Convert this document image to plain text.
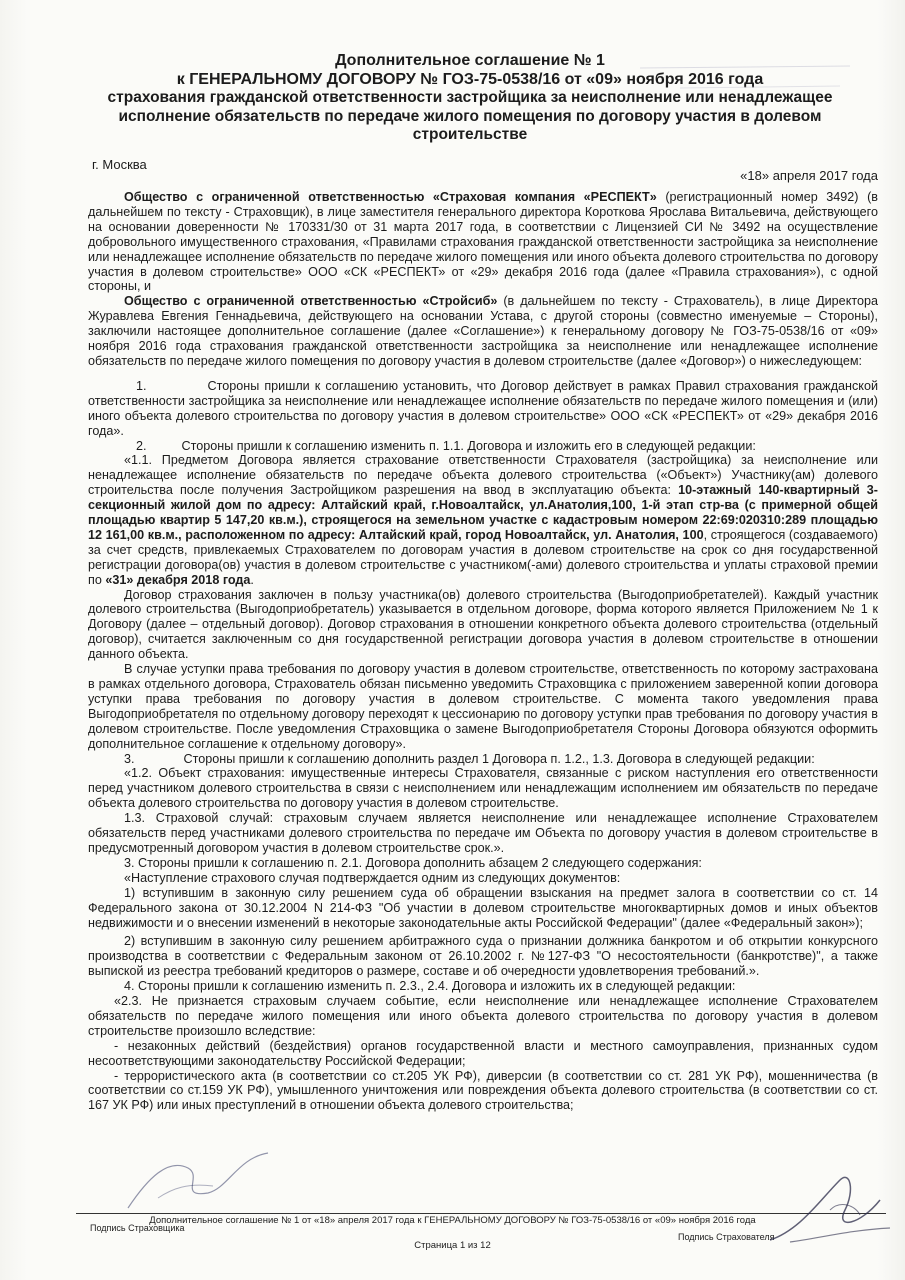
Дополнительное соглашение № 1
к ГЕНЕРАЛЬНОМУ ДОГОВОРУ № ГОЗ-75-0538/16 от «09» ноября 2016 года
страхования гражданской ответственности застройщика за неисполнение или ненадлежащее
исполнение обязательств по передаче жилого помещения по договору участия в долевом
строительстве
г. Москва
«18» апреля 2017 года

Общество с ограниченной ответственностью «Страховая компания «РЕСПЕКТ» (регистрационный номер 3492) (в дальнейшем по тексту - Страховщик), в лице заместителя генерального директора Короткова Ярослава Витальевича, действующего на основании доверенности № 170331/30 от 31 марта 2017 года, в соответствии с Лицензией СИ № 3492 на осуществление добровольного имущественного страхования, «Правилами страхования гражданской ответственности застройщика за неисполнение или ненадлежащее исполнение обязательств по передаче жилого помещения или иного объекта долевого строительства по договору участия в долевом строительстве» ООО «СК «РЕСПЕКТ» от «29» декабря 2016 года (далее «Правила страхования»), с одной стороны, и

Общество с ограниченной ответственностью «Стройсиб» (в дальнейшем по тексту - Страхователь), в лице Директора Журавлева Евгения Геннадьевича, действующего на основании Устава, с другой стороны (совместно именуемые – Стороны), заключили настоящее дополнительное соглашение (далее «Соглашение») к генеральному договору № ГОЗ-75-0538/16 от «09» ноября 2016 года страхования гражданской ответственности застройщика за неисполнение или ненадлежащее исполнение обязательств по передаче жилого помещения по договору участия в долевом строительстве (далее «Договор») о нижеследующем:

1.	Стороны пришли к соглашению установить, что Договор действует в рамках Правил страхования гражданской ответственности застройщика за неисполнение или ненадлежащее исполнение обязательств по передаче жилого помещения и (или) иного объекта долевого строительства по договору участия в долевом строительстве» ООО «СК «РЕСПЕКТ» от «29» декабря 2016 года».

2.	Стороны пришли к соглашению изменить п. 1.1. Договора и изложить его в следующей редакции:

«1.1. Предметом Договора является страхование ответственности Страхователя (застройщика) за неисполнение или ненадлежащее исполнение обязательств по передаче объекта долевого строительства («Объект») Участнику(ам) долевого строительства после получения Застройщиком разрешения на ввод в эксплуатацию объекта: 10-этажный 140-квартирный 3-секционный жилой дом по адресу: Алтайский край, г.Новоалтайск, ул.Анатолия,100, 1-й этап стр-ва (с примерной общей площадью квартир 5 147,20 кв.м.), строящегося на земельном участке с кадастровым номером 22:69:020310:289 площадью 12 161,00 кв.м., расположенном по адресу: Алтайский край, город Новоалтайск, ул. Анатолия, 100, строящегося (создаваемого) за счет средств, привлекаемых Страхователем по договорам участия в долевом строительстве на срок со дня государственной регистрации договора(ов) участия в долевом строительстве с участником(-ами) долевого строительства и уплаты страховой премии по «31» декабря 2018 года.

Договор страхования заключен в пользу участника(ов) долевого строительства (Выгодоприобретателей). Каждый участник долевого строительства (Выгодоприобретатель) указывается в отдельном договоре, форма которого является Приложением № 1 к Договору (далее – отдельный договор). Договор страхования в отношении конкретного объекта долевого строительства (отдельный договор), считается заключенным со дня государственной регистрации договора участия в долевом строительстве в отношении данного объекта.

В случае уступки права требования по договору участия в долевом строительстве, ответственность по которому застрахована в рамках отдельного договора, Страхователь обязан письменно уведомить Страховщика с приложением заверенной копии договора уступки права требования по договору участия в долевом строительстве. С момента такого уведомления права Выгодоприобретателя по отдельному договору переходят к цессионарию по договору уступки прав требования по договору участия в долевом строительстве. После уведомления Страховщика о замене Выгодоприобретателя Стороны Договора обязуются оформить дополнительное соглашение к отдельному договору».

3.	Стороны пришли к соглашению дополнить раздел 1 Договора п. 1.2., 1.3. Договора в следующей редакции:

«1.2. Объект страхования: имущественные интересы Страхователя, связанные с риском наступления его ответственности перед участником долевого строительства в связи с неисполнением или ненадлежащим исполнением им обязательств по передаче объекта долевого строительства по договору участия в долевом строительстве.

1.3. Страховой случай: страховым случаем является неисполнение или ненадлежащее исполнение Страхователем обязательств перед участниками долевого строительства по передаче им Объекта по договору участия в долевом строительстве в предусмотренный договором участия в долевом строительстве срок.».

3. Стороны пришли к соглашению п. 2.1. Договора дополнить абзацем 2 следующего содержания:

«Наступление страхового случая подтверждается одним из следующих документов:

1) вступившим в законную силу решением суда об обращении взыскания на предмет залога в соответствии со ст. 14 Федерального закона от 30.12.2004 N 214-ФЗ "Об участии в долевом строительстве многоквартирных домов и иных объектов недвижимости и о внесении изменений в некоторые законодательные акты Российской Федерации" (далее «Федеральный закон»);

2) вступившим в законную силу решением арбитражного суда о признании должника банкротом и об открытии конкурсного производства в соответствии с Федеральным законом от 26.10.2002 г. №127-ФЗ "О несостоятельности (банкротстве)", а также выпиской из реестра требований кредиторов о размере, составе и об очередности удовлетворения требований.».

4. Стороны пришли к соглашению изменить п. 2.3., 2.4. Договора и изложить их в следующей редакции:

«2.3. Не признается страховым случаем событие, если неисполнение или ненадлежащее исполнение Страхователем обязательств по передаче жилого помещения или иного объекта долевого строительства по договору участия в долевом строительстве произошло вследствие:

- незаконных действий (бездействия) органов государственной власти и местного самоуправления, признанных судом несоответствующими законодательству Российской Федерации;

- террористического акта (в соответствии со ст.205 УК РФ), диверсии (в соответствии со ст. 281 УК РФ), мошенничества (в соответствии со ст.159 УК РФ), умышленного уничтожения или повреждения объекта долевого строительства (в соответствии со ст. 167 УК РФ) или иных преступлений в отношении объекта долевого строительства;

Дополнительное соглашение № 1 от «18» апреля 2017 года к ГЕНЕРАЛЬНОМУ ДОГОВОРУ № ГОЗ-75-0538/16 от «09» ноября 2016 года
Подпись Страховщика
Подпись Страхователя
Страница 1 из 12
